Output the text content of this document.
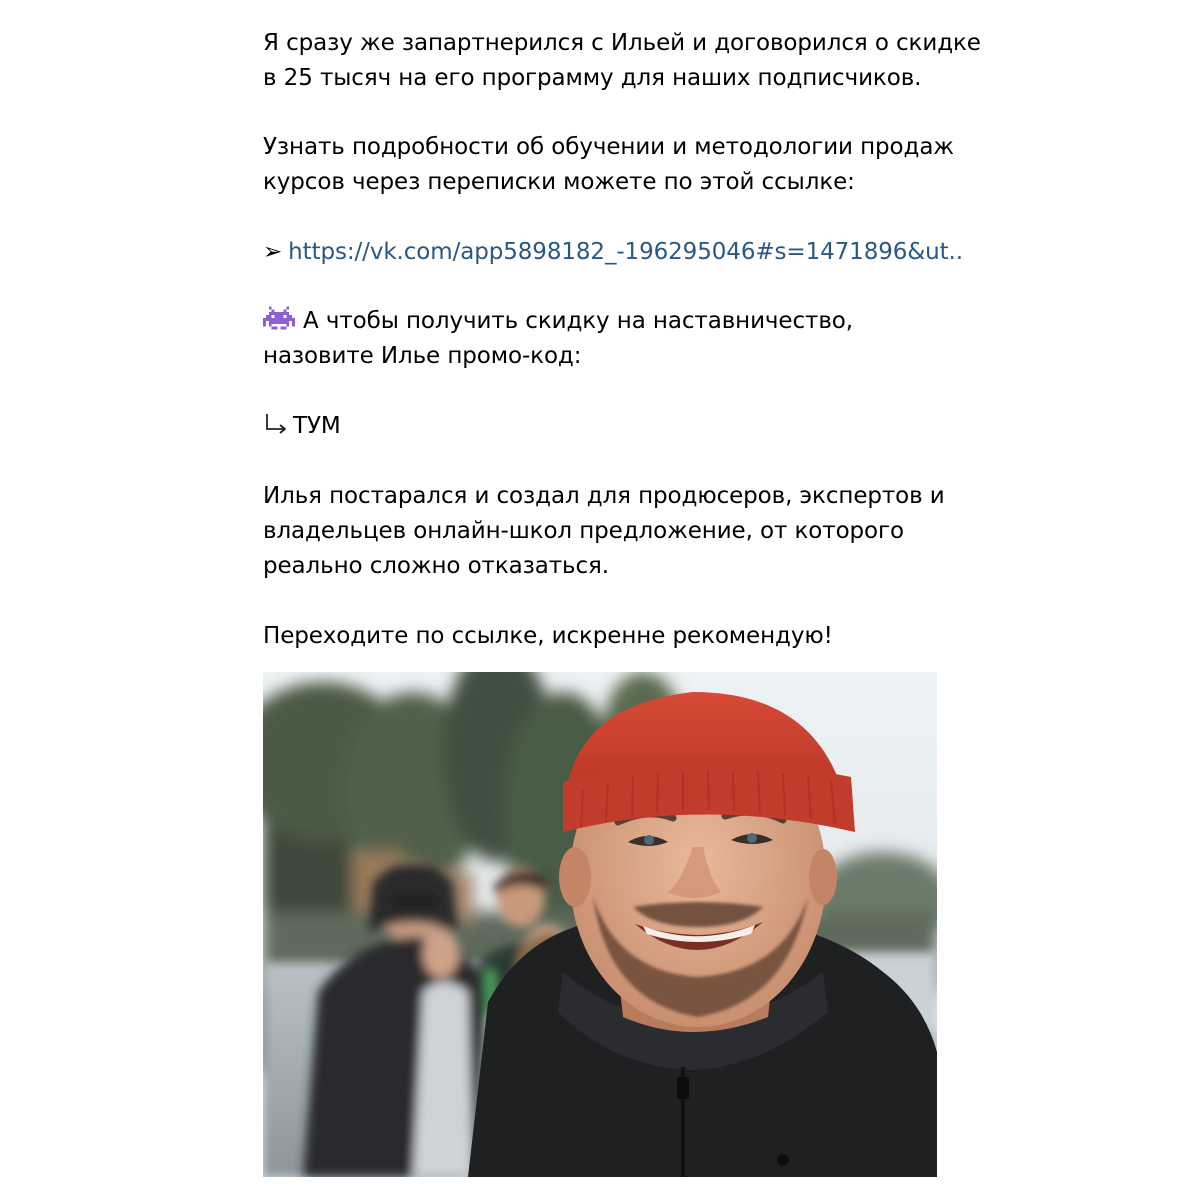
Я сразу же запартнерился с Ильей и договорился о скидке
в 25 тысяч на его программу для наших подписчиков.

Узнать подробности об обучении и методологии продаж
курсов через переписки можете по этой ссылке:

➢ https://vk.com/app5898182_-196295046#s=1471896&ut..

А чтобы получить скидку на наставничество,
назовите Илье промо-код:

ТУМ

Илья постарался и создал для продюсеров, экспертов и
владельцев онлайн-школ предложение, от которого
реально сложно отказаться.

Переходите по ссылке, искренне рекомендую!
